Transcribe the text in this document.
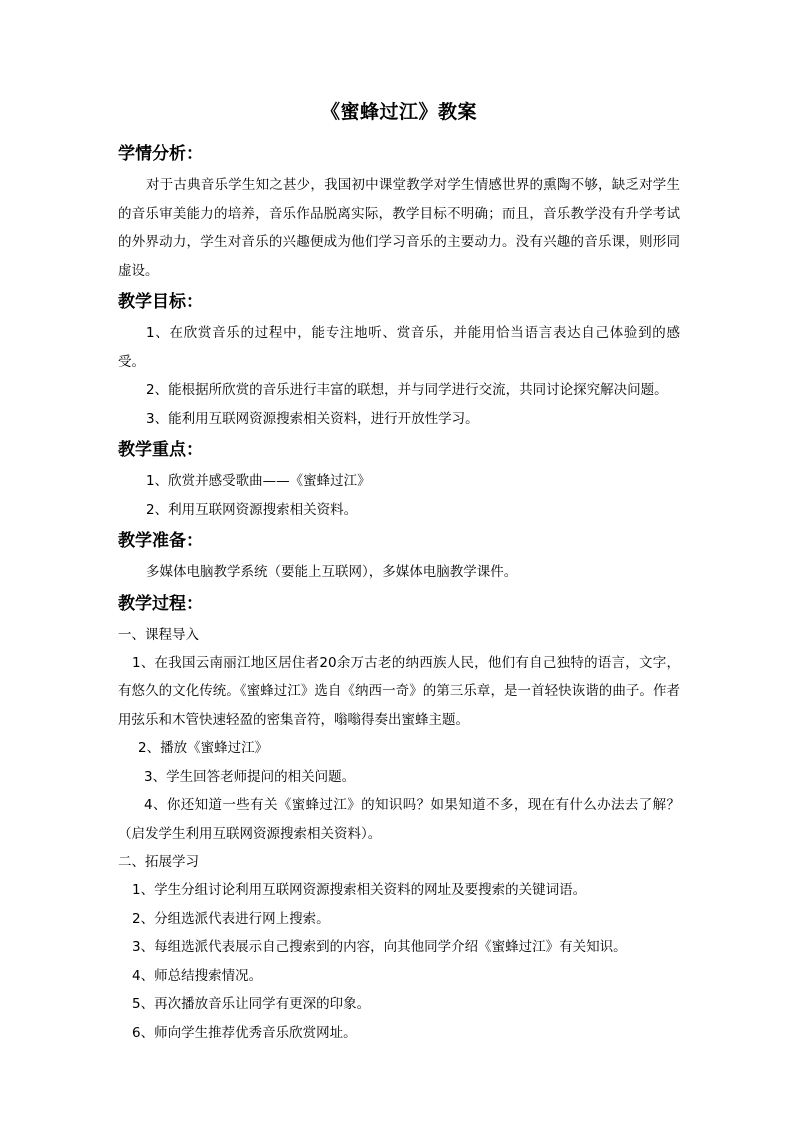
《蜜蜂过江》教案
学情分析：

对于古典音乐学生知之甚少，我国初中课堂教学对学生情感世界的熏陶不够，缺乏对学生的音乐审美能力的培养，音乐作品脱离实际，教学目标不明确；而且，音乐教学没有升学考试的外界动力，学生对音乐的兴趣便成为他们学习音乐的主要动力。没有兴趣的音乐课，则形同虚设。

教学目标：

1、在欣赏音乐的过程中，能专注地听、赏音乐，并能用恰当语言表达自己体验到的感受。

2、能根据所欣赏的音乐进行丰富的联想，并与同学进行交流，共同讨论探究解决问题。

3、能利用互联网资源搜索相关资料，进行开放性学习。

教学重点：

1、欣赏并感受歌曲——《蜜蜂过江》

2、利用互联网资源搜索相关资料。

教学准备：

多媒体电脑教学系统（要能上互联网），多媒体电脑教学课件。

教学过程：

一、课程导入

1、在我国云南丽江地区居住者20余万古老的纳西族人民，他们有自己独特的语言，文字，有悠久的文化传统。《蜜蜂过江》选自《纳西一奇》的第三乐章，是一首轻快诙谐的曲子。作者用弦乐和木管快速轻盈的密集音符，嗡嗡得奏出蜜蜂主题。

2、播放《蜜蜂过江》

3、学生回答老师提问的相关问题。

4、你还知道一些有关《蜜蜂过江》的知识吗？如果知道不多，现在有什么办法去了解？（启发学生利用互联网资源搜索相关资料）。

二、拓展学习

1、学生分组讨论利用互联网资源搜索相关资料的网址及要搜索的关键词语。

2、分组选派代表进行网上搜索。

3、每组选派代表展示自己搜索到的内容，向其他同学介绍《蜜蜂过江》有关知识。

4、师总结搜索情况。

5、再次播放音乐让同学有更深的印象。

6、师向学生推荐优秀音乐欣赏网址。
